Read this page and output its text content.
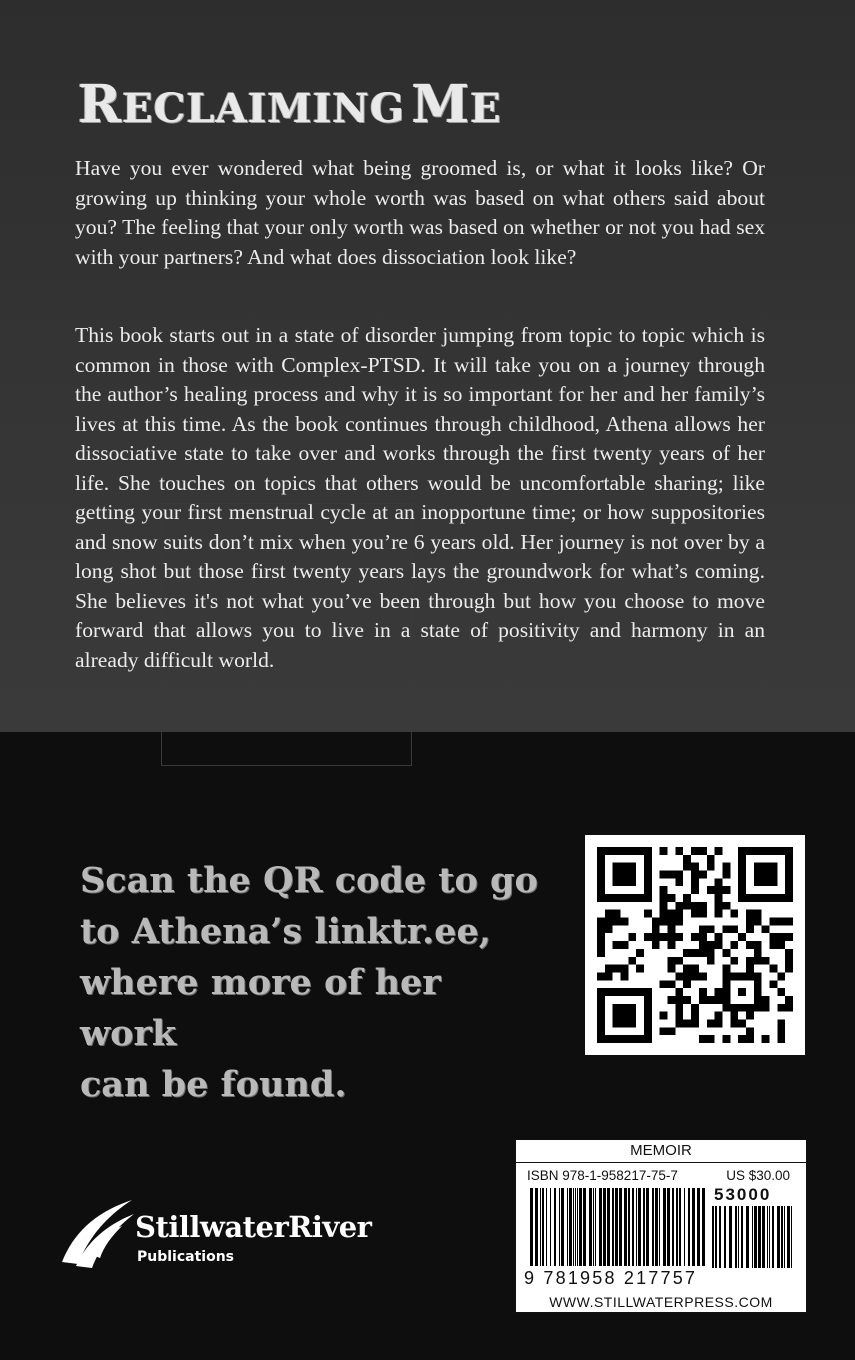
RECLAIMING ME

Have you ever wondered what being groomed is, or what it looks like? Or growing up thinking your whole worth was based on what others said about you? The feeling that your only worth was based on whether or not you had sex with your partners? And what does dissociation look like?

This book starts out in a state of disorder jumping from topic to topic which is common in those with Complex-PTSD. It will take you on a journey through the author’s healing process and why it is so important for her and her family’s lives at this time. As the book continues through childhood, Athena allows her dissociative state to take over and works through the first twenty years of her life. She touches on topics that others would be uncomfortable sharing; like getting your first menstrual cycle at an inopportune time; or how suppositories and snow suits don’t mix when you’re 6 years old. Her journey is not over by a long shot but those first twenty years lays the groundwork for what’s coming. She believes it's not what you’ve been through but how you choose to move forward that allows you to live in a state of positivity and harmony in an already difficult world.

Scan the QR code to go
to Athena’s linktr.ee,
where more of her work
can be found.
MEMOIR
ISBN 978-1-958217-75-7	US $30.00
53000
9 781958 217757
WWW.STILLWATERPRESS.COM
StillwaterRiver
Publications
